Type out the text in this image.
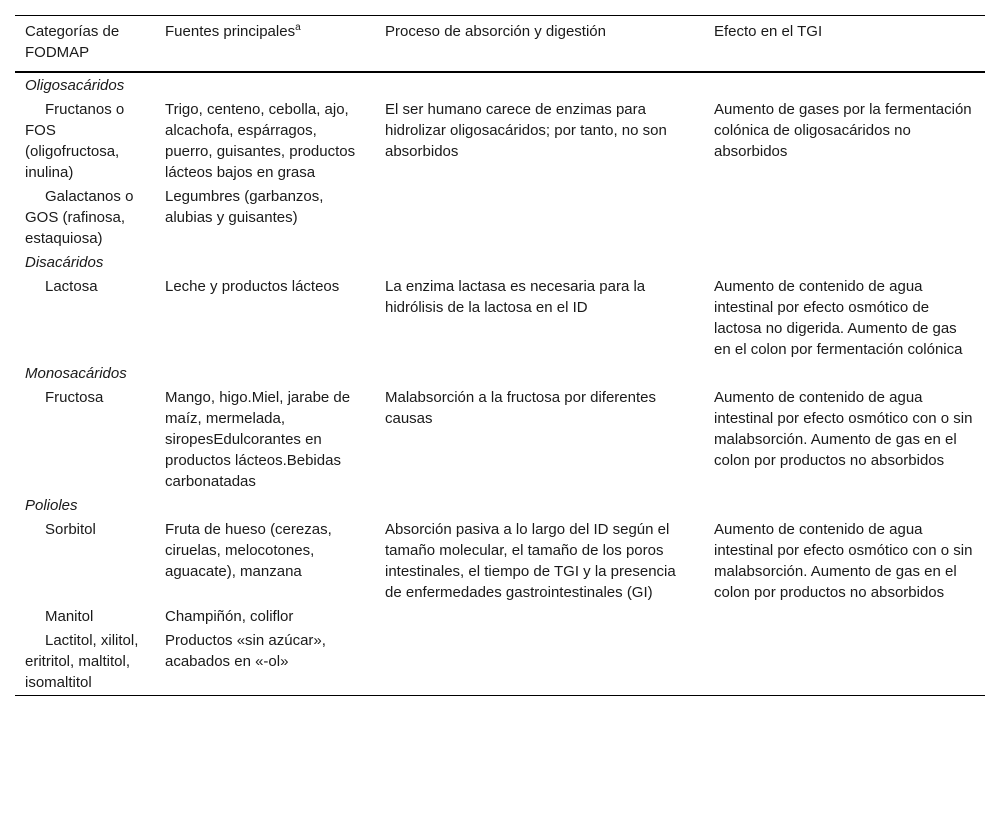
Categorías de FODMAP	Fuentes principales$^a$	Proceso de absorción y digestión	Efecto en el TGI
Oligosacáridos			
Fructanos o FOS (oligofructosa, inulina)	Trigo, centeno, cebolla, ajo, alcachofa, espárragos, puerro, guisantes, productos lácteos bajos en grasa	El ser humano carece de enzimas para hidrolizar oligosacáridos; por tanto, no son absorbidos	Aumento de gases por la fermentación colónica de oligosacáridos no absorbidos
Galactanos o GOS (rafinosa, estaquiosa)	Legumbres (garbanzos, alubias y guisantes)		
Disacáridos			
Lactosa	Leche y productos lácteos	La enzima lactasa es necesaria para la hidrólisis de la lactosa en el ID	Aumento de contenido de agua intestinal por efecto osmótico de lactosa no digerida. Aumento de gas en el colon por fermentación colónica
Monosacáridos			
Fructosa	Mango, higo.Miel, jarabe de maíz, mermelada, siropesEdulcorantes en productos lácteos.Bebidas carbonatadas	Malabsorción a la fructosa por diferentes causas	Aumento de contenido de agua intestinal por efecto osmótico con o sin malabsorción. Aumento de gas en el colon por productos no absorbidos
Polioles			
Sorbitol	Fruta de hueso (cerezas, ciruelas, melocotones, aguacate), manzana	Absorción pasiva a lo largo del ID según el tamaño molecular, el tamaño de los poros intestinales, el tiempo de TGI y la presencia de enfermedades gastrointestinales (GI)	Aumento de contenido de agua intestinal por efecto osmótico con o sin malabsorción. Aumento de gas en el colon por productos no absorbidos
Manitol	Champiñón, coliflor		
Lactitol, xilitol, eritritol, maltitol, isomaltitol	Productos «sin azúcar», acabados en «-ol»		
